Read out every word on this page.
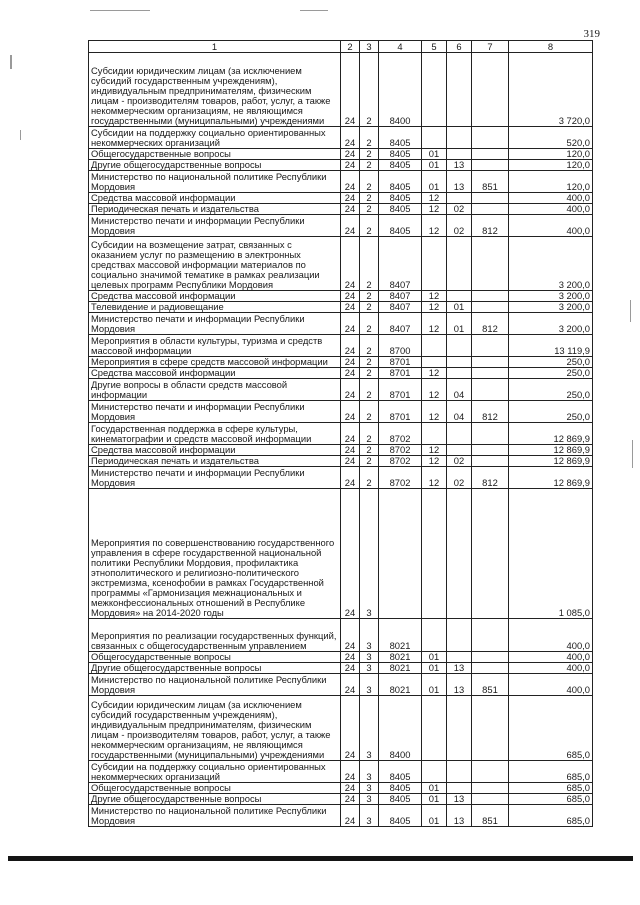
319
1	2	3	4	5	6	7	8
Субсидии юридическим лицам (за исключением субсидий государственным учреждениям), индивидуальным предпринимателям, физическим лицам - производителям товаров, работ, услуг, а также некоммерческим организациям, не являющимся государственными (муниципальными) учреждениями	24	2	8400				3 720,0
Субсидии на поддержку социально ориентированных некоммерческих организаций	24	2	8405				520,0
Общегосударственные вопросы	24	2	8405	01			120,0
Другие общегосударственные вопросы	24	2	8405	01	13		120,0
Министерство по национальной политике Республики Мордовия	24	2	8405	01	13	851	120,0
Средства массовой информации	24	2	8405	12			400,0
Периодическая печать и издательства	24	2	8405	12	02		400,0
Министерство печати и информации Республики Мордовия	24	2	8405	12	02	812	400,0
Субсидии на возмещение затрат, связанных с оказанием услуг по размещению в электронных средствах массовой информации материалов по социально значимой тематике в рамках реализации целевых программ Республики Мордовия	24	2	8407				3 200,0
Средства массовой информации	24	2	8407	12			3 200,0
Телевидение и радиовещание	24	2	8407	12	01		3 200,0
Министерство печати и информации Республики Мордовия	24	2	8407	12	01	812	3 200,0
Мероприятия в области культуры, туризма и средств массовой информации	24	2	8700				13 119,9
Мероприятия в сфере средств массовой информации	24	2	8701				250,0
Средства массовой информации	24	2	8701	12			250,0
Другие вопросы в области средств массовой информации	24	2	8701	12	04		250,0
Министерство печати и информации Республики Мордовия	24	2	8701	12	04	812	250,0
Государственная поддержка в сфере культуры, кинематографии и средств массовой информации	24	2	8702				12 869,9
Средства массовой информации	24	2	8702	12			12 869,9
Периодическая печать и издательства	24	2	8702	12	02		12 869,9
Министерство печати и информации Республики Мордовия	24	2	8702	12	02	812	12 869,9
Мероприятия по совершенствованию государственного управления в сфере государственной национальной политики Республики Мордовия, профилактика этнополитического и религиозно-политического экстремизма, ксенофобии в рамках Государственной программы «Гармонизация межнациональных и межконфессиональных отношений в Республике Мордовия» на 2014-2020 годы	24	3					1 085,0
Мероприятия по реализации государственных функций, связанных с общегосударственным управлением	24	3	8021				400,0
Общегосударственные вопросы	24	3	8021	01			400,0
Другие общегосударственные вопросы	24	3	8021	01	13		400,0
Министерство по национальной политике Республики Мордовия	24	3	8021	01	13	851	400,0
Субсидии юридическим лицам (за исключением субсидий государственным учреждениям), индивидуальным предпринимателям, физическим лицам - производителям товаров, работ, услуг, а также некоммерческим организациям, не являющимся государственными (муниципальными) учреждениями	24	3	8400				685,0
Субсидии на поддержку социально ориентированных некоммерческих организаций	24	3	8405				685,0
Общегосударственные вопросы	24	3	8405	01			685,0
Другие общегосударственные вопросы	24	3	8405	01	13		685,0
Министерство по национальной политике Республики Мордовия	24	3	8405	01	13	851	685,0
